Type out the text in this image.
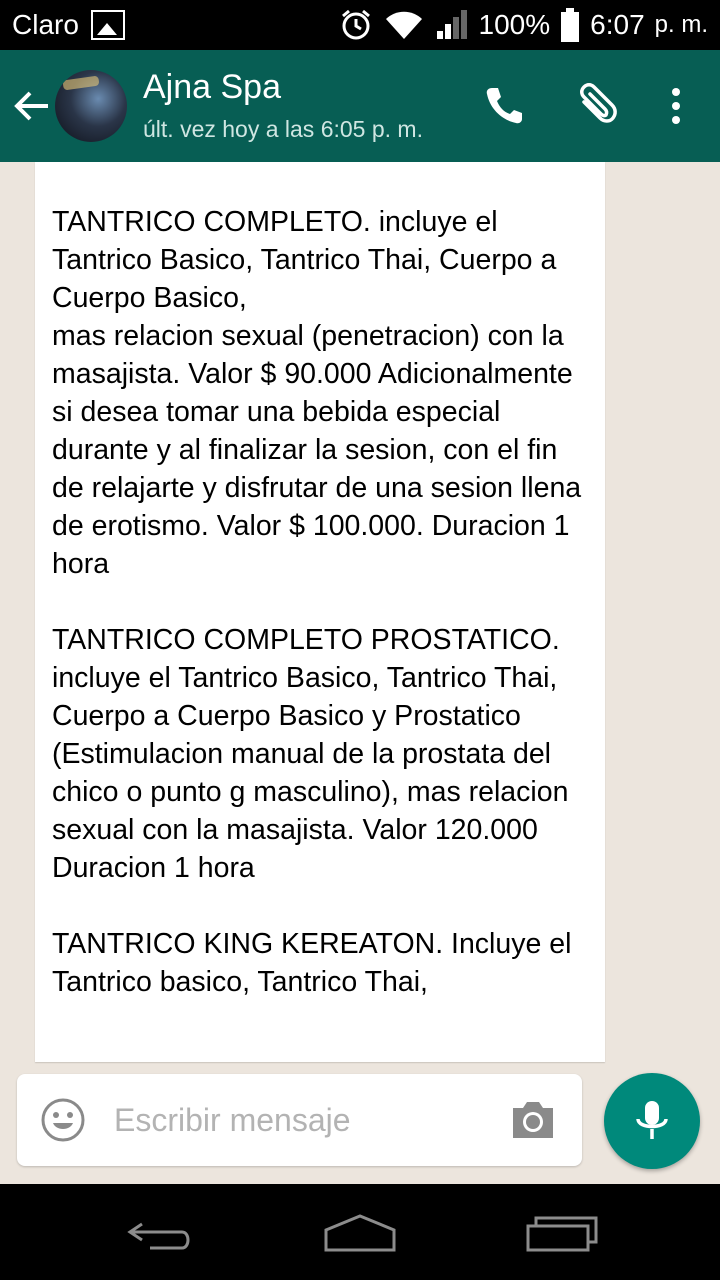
Claro	100% 6:07 p. m.
Ajna Spa
últ. vez hoy a las 6:05 p. m.
TANTRICO COMPLETO. incluye el Tantrico Basico, Tantrico Thai, Cuerpo a Cuerpo Basico,
mas relacion sexual (penetracion) con la masajista. Valor $ 90.000 Adicionalmente si desea tomar una bebida especial durante y al finalizar la sesion, con el fin de relajarte y disfrutar de una sesion llena de erotismo. Valor $ 100.000. Duracion 1 hora

TANTRICO COMPLETO PROSTATICO. incluye el Tantrico Basico, Tantrico Thai, Cuerpo a Cuerpo Basico y Prostatico (Estimulacion manual de la prostata del chico o punto g masculino), mas relacion sexual con la masajista. Valor 120.000 Duracion 1 hora

TANTRICO KING KEREATON. Incluye el Tantrico basico, Tantrico Thai,
Escribir mensaje
